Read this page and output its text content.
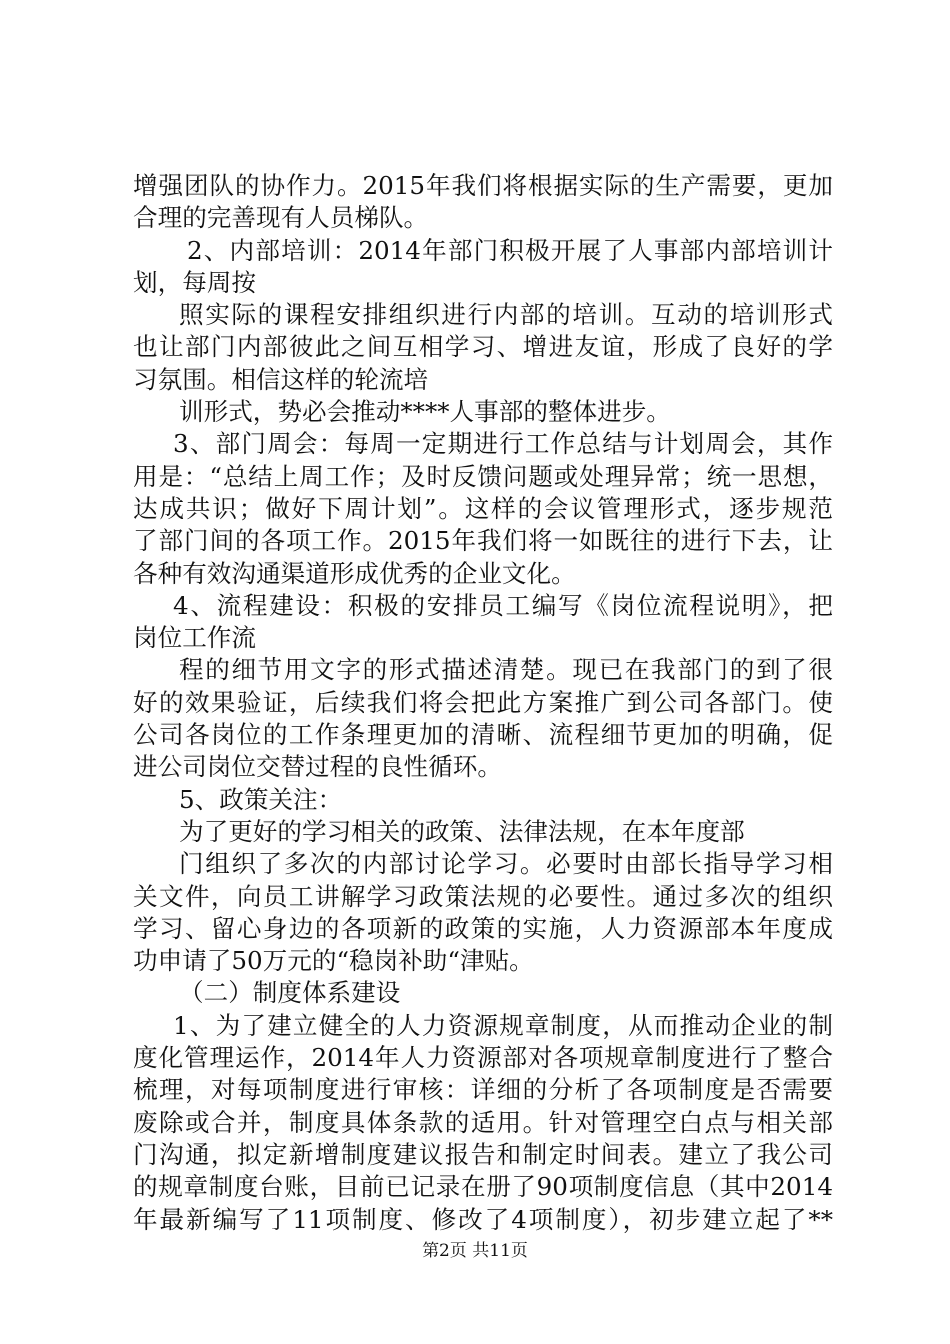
增强团队的协作力。2015年我们将根据实际的生产需要，更加
合理的完善现有人员梯队。
2、内部培训：2014年部门积极开展了人事部内部培训计
划，每周按
照实际的课程安排组织进行内部的培训。互动的培训形式
也让部门内部彼此之间互相学习、增进友谊，形成了良好的学
习氛围。相信这样的轮流培
训形式，势必会推动****人事部的整体进步。
3、部门周会：每周一定期进行工作总结与计划周会，其作
用是：“总结上周工作；及时反馈问题或处理异常；统一思想，
达成共识；做好下周计划”。这样的会议管理形式，逐步规范
了部门间的各项工作。2015年我们将一如既往的进行下去，让
各种有效沟通渠道形成优秀的企业文化。
4、流程建设：积极的安排员工编写《岗位流程说明》，把
岗位工作流
程的细节用文字的形式描述清楚。现已在我部门的到了很
好的效果验证，后续我们将会把此方案推广到公司各部门。使
公司各岗位的工作条理更加的清晰、流程细节更加的明确，促
进公司岗位交替过程的良性循环。
5、政策关注：
为了更好的学习相关的政策、法律法规，在本年度部
门组织了多次的内部讨论学习。必要时由部长指导学习相
关文件，向员工讲解学习政策法规的必要性。通过多次的组织
学习、留心身边的各项新的政策的实施，人力资源部本年度成
功申请了50万元的“稳岗补助“津贴。
（二）制度体系建设
1、为了建立健全的人力资源规章制度，从而推动企业的制
度化管理运作，2014年人力资源部对各项规章制度进行了整合
梳理，对每项制度进行审核：详细的分析了各项制度是否需要
废除或合并，制度具体条款的适用。针对管理空白点与相关部
门沟通，拟定新增制度建议报告和制定时间表。建立了我公司
的规章制度台账，目前已记录在册了90项制度信息（其中2014
年最新编写了11项制度、修改了4项制度），初步建立起了**
第2页 共11页
